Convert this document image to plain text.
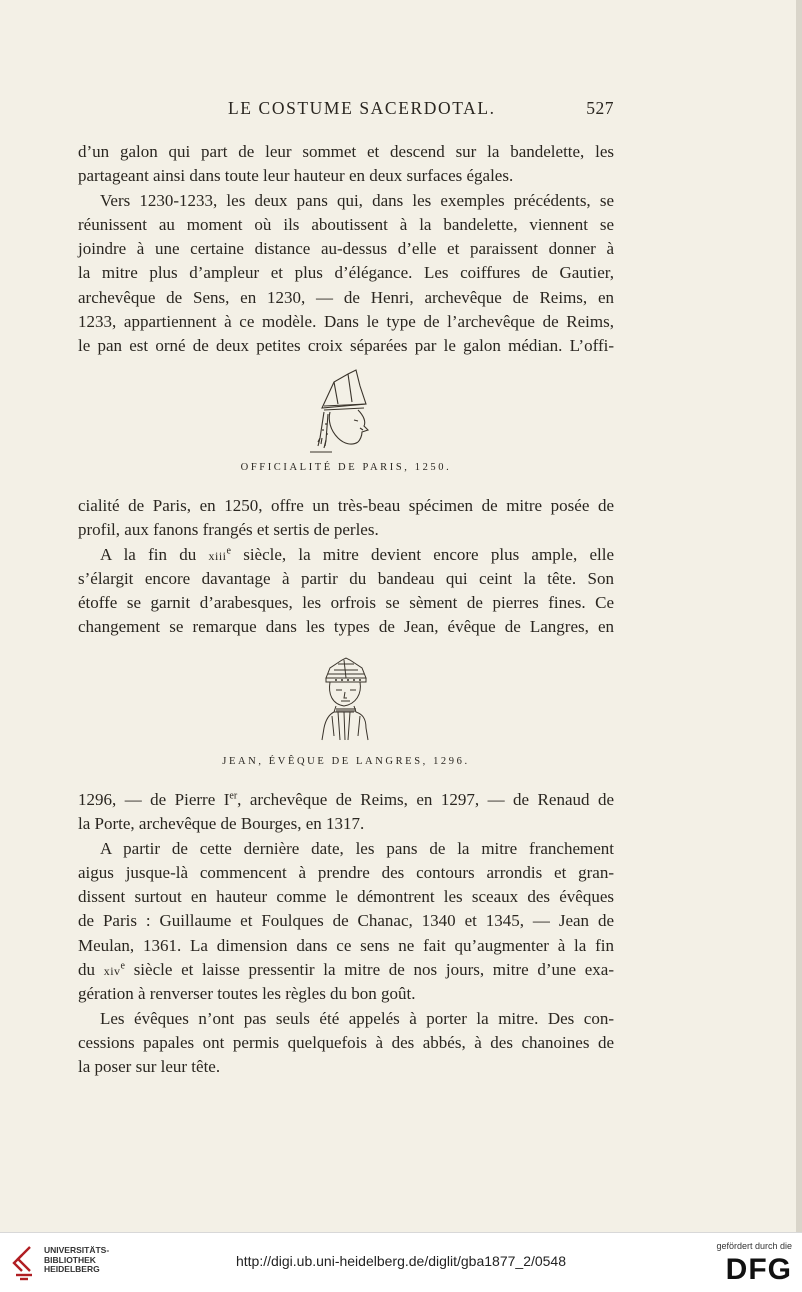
LE COSTUME SACERDOTAL.	527
d’un galon qui part de leur sommet et descend sur la bandelette, les
partageant ainsi dans toute leur hauteur en deux surfaces égales.
Vers 1230-1233, les deux pans qui, dans les exemples précédents, se
réunissent au moment où ils aboutissent à la bandelette, viennent se
joindre à une certaine distance au-dessus d’elle et paraissent donner à
la mitre plus d’ampleur et plus d’élégance. Les coiffures de Gautier,
archevêque de Sens, en 1230, — de Henri, archevêque de Reims, en
1233, appartiennent à ce modèle. Dans le type de l’archevêque de Reims,
le pan est orné de deux petites croix séparées par le galon médian. L’offi-
OFFICIALITÉ DE PARIS, 1250.
cialité de Paris, en 1250, offre un très-beau spécimen de mitre posée de
profil, aux fanons frangés et sertis de perles.
A la fin du xiii$^e$ siècle, la mitre devient encore plus ample, elle
s’élargit encore davantage à partir du bandeau qui ceint la tête. Son
étoffe se garnit d’arabesques, les orfrois se sèment de pierres fines. Ce
changement se remarque dans les types de Jean, évêque de Langres, en
JEAN, ÉVÊQUE DE LANGRES, 1296.
1296, — de Pierre Ier, archevêque de Reims, en 1297, — de Renaud de
la Porte, archevêque de Bourges, en 1317.
A partir de cette dernière date, les pans de la mitre franchement
aigus jusque-là commencent à prendre des contours arrondis et gran-
dissent surtout en hauteur comme le démontrent les sceaux des évêques
de Paris : Guillaume et Foulques de Chanac, 1340 et 1345, — Jean de
Meulan, 1361. La dimension dans ce sens ne fait qu’augmenter à la fin
du xiv$^e$ siècle et laisse pressentir la mitre de nos jours, mitre d’une exa-
gération à renverser toutes les règles du bon goût.
Les évêques n’ont pas seuls été appelés à porter la mitre. Des con-
cessions papales ont permis quelquefois à des abbés, à des chanoines de
la poser sur leur tête.
UNIVERSITÄTS-
BIBLIOTHEK
HEIDELBERG	http://digi.ub.uni-heidelberg.de/diglit/gba1877_2/0548
gefördert durch die
DFG
